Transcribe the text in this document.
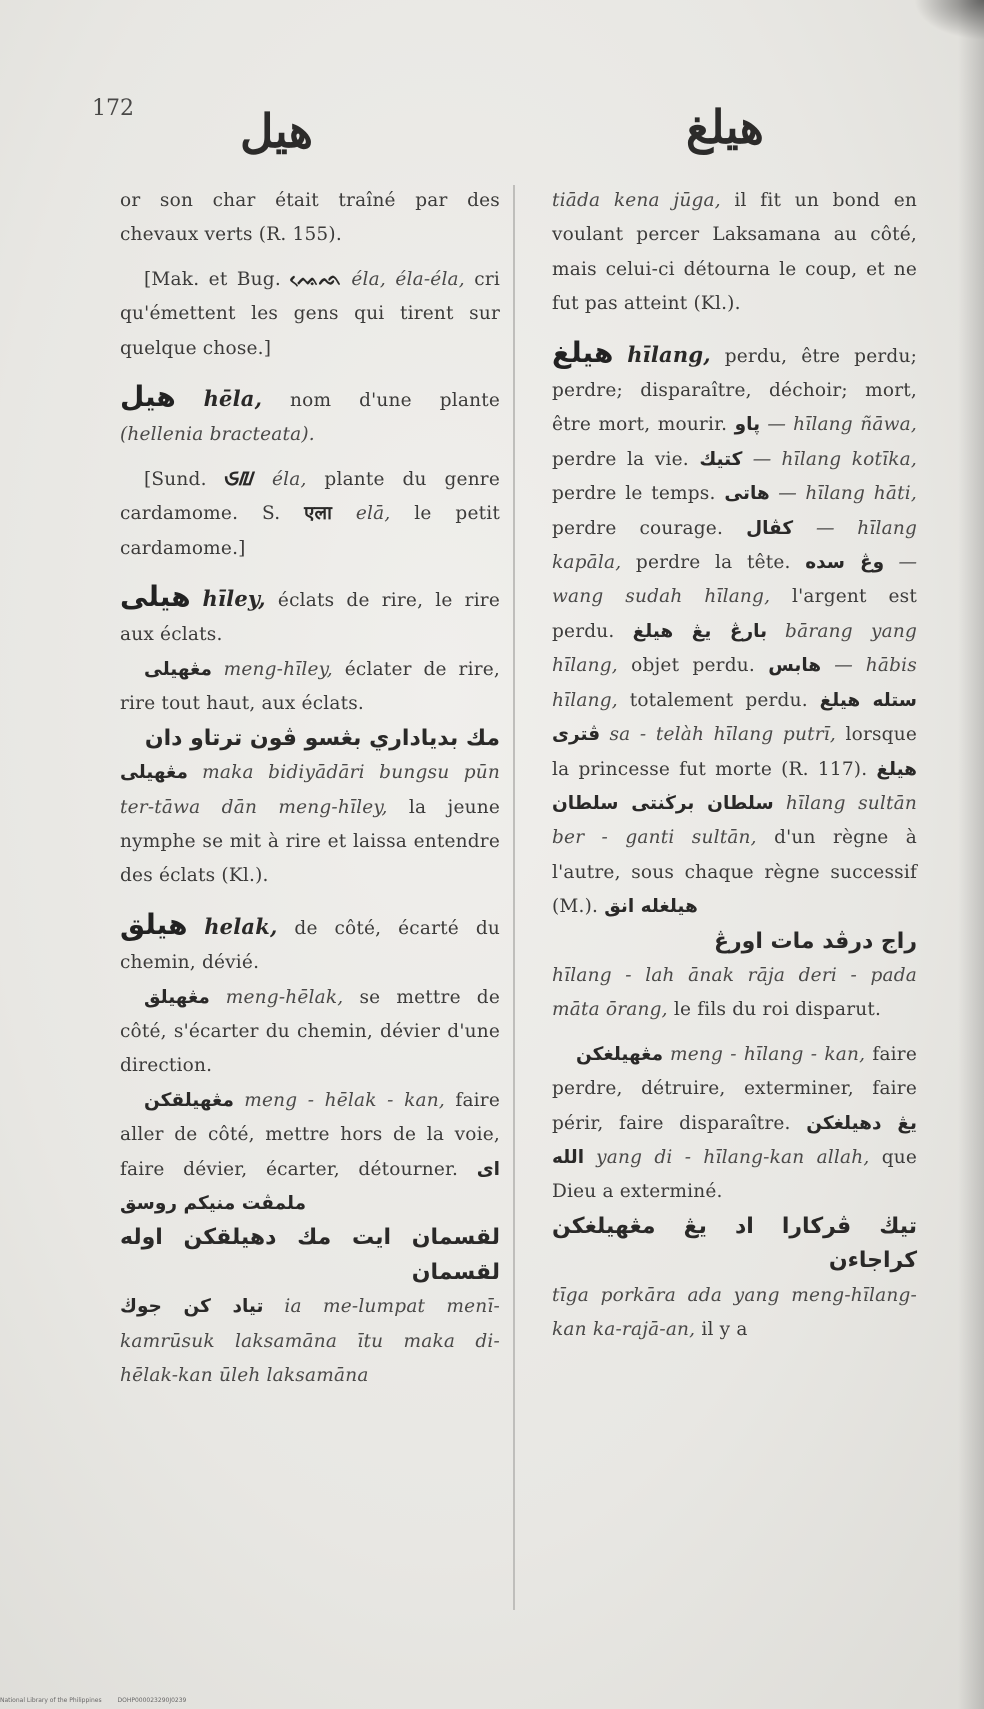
172 هيل	هيلغ

or son char était traîné par des chevaux verts (R. 155).

[Mak. et Bug. ᨕᨙᨒ éla, éla-éla, cri qu'émettent les gens qui tirent sur quelque chose.]

هيل hēla, nom d'une plante (hellenia bracteata).

[Sund. ᮈᮜ éla, plante du genre cardamome. S. एला elā, le petit cardamome.]

هيلى hīley, éclats de rire, le rire aux éclats.

مڠهيلى meng-hīley, éclater de rire, rire tout haut, aux éclats.

مك بدياداري بڠسو ڤون ترتاو دان

مڠهيلى maka bidiyādāri bungsu pūn ter-tāwa dān meng-hīley, la jeune nymphe se mit à rire et laissa entendre des éclats (Kl.).

هيلق helak, de côté, écarté du chemin, dévié.

مڠهيلق meng-hēlak, se mettre de côté, s'écarter du chemin, dévier d'une direction.

مڠهيلقكن meng - hēlak - kan, faire aller de côté, mettre hors de la voie, faire dévier, écarter, détourner. اى ملمڤت منيكم روسق

لقسمان ايت مك دهيلقكن اوله لقسمان

تياد كن جوڬ ia me-lumpat menī-kamrūsuk laksamāna ītu maka di-hēlak-kan ūleh laksamāna

tiāda kena jūga, il fit un bond en voulant percer Laksamana au côté, mais celui-ci détourna le coup, et ne fut pas atteint (Kl.).

هيلغ hīlang, perdu, être perdu; perdre; disparaître, déchoir; mort, être mort, mourir. ڽاو — hīlang ñāwa, perdre la vie. كتيك — hīlang kotīka, perdre le temps. هاتى — hīlang hāti, perdre courage. كڤال — hīlang kapāla, perdre la tête. وڠ سده — wang sudah hīlang, l'argent est perdu. بارڠ يڠ هيلغ bārang yang hīlang, objet perdu. هابس — hābis hīlang, totalement perdu. ستله هيلغ ڤترى sa - telàh hīlang putrī, lorsque la princesse fut morte (R. 117). هيلغ سلطان برڬنتى سلطان hīlang sultān ber - ganti sultān, d'un règne à l'autre, sous chaque règne successif (M.). هيلغله انق

راج درڤد مات اورڠ

hīlang - lah ānak rāja deri - pada māta ōrang, le fils du roi disparut.

مڠهيلغكن meng - hīlang - kan, faire perdre, détruire, exterminer, faire périr, faire disparaître. يڠ دهيلغكن الله yang di - hīlang-kan allah, que Dieu a exterminé.

تيڬ ڤركارا اد يڠ مڠهيلغكن كراجاءن

tīga porkāra ada yang meng-hīlang-kan ka-rajā-an, il y a

National Library of the Philippines	DOHP000023290J0239
